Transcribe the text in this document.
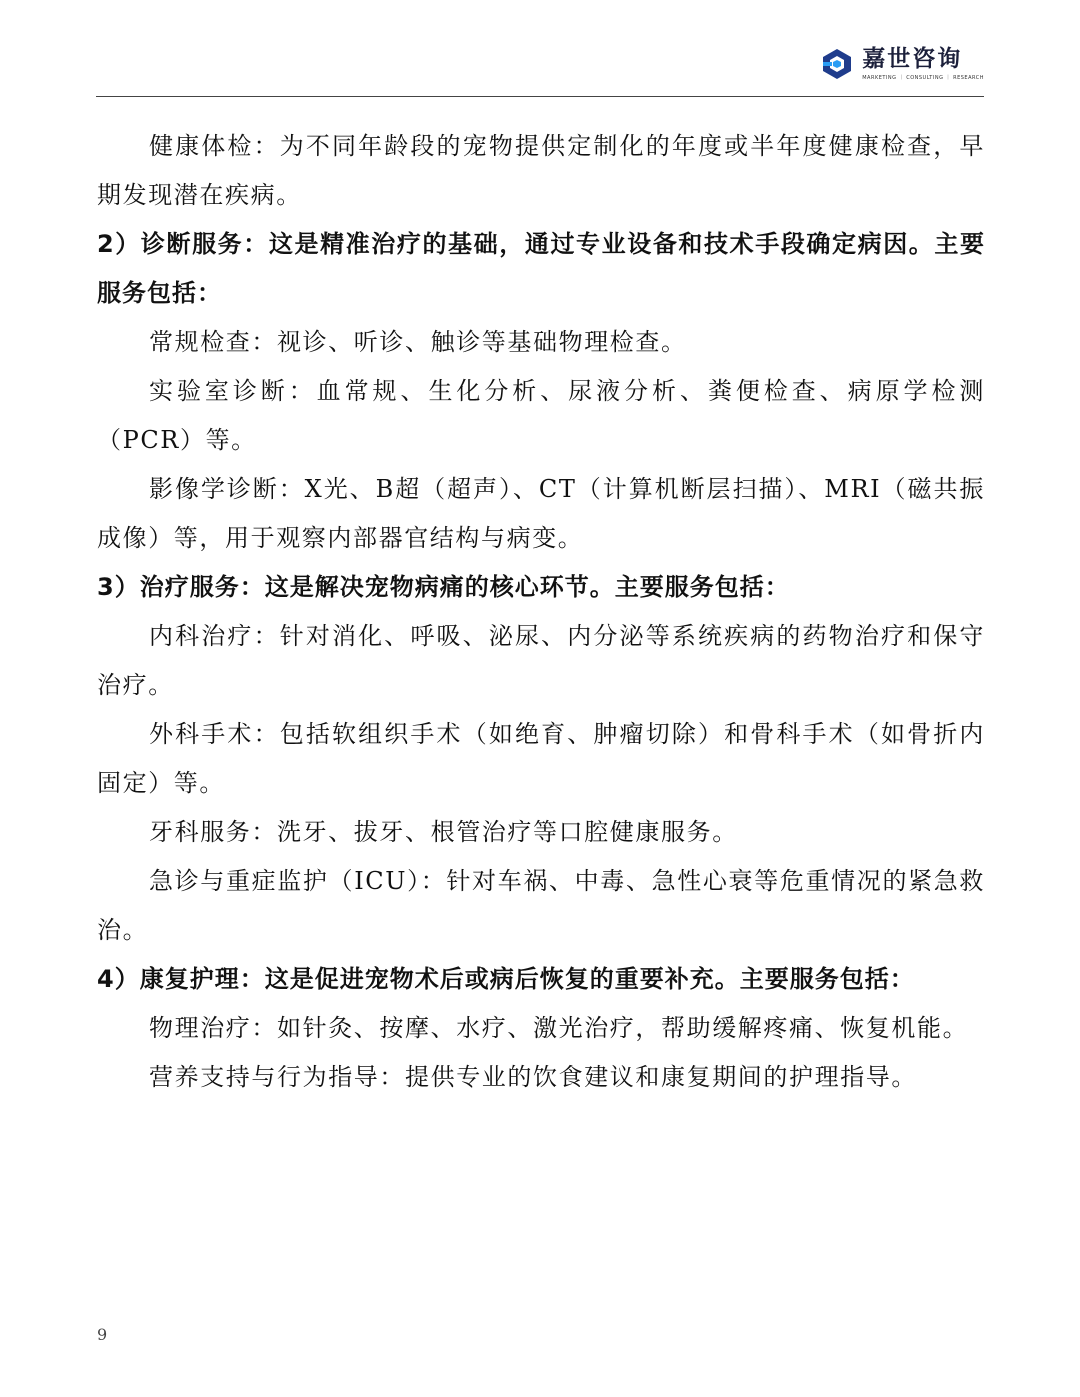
嘉世咨询
MARKETING ｜ CONSULTING ｜ RESEARCH

健康体检：为不同年龄段的宠物提供定制化的年度或半年度健康检查，早期发现潜在疾病。

2）诊断服务：这是精准治疗的基础，通过专业设备和技术手段确定病因。主要服务包括：

常规检查：视诊、听诊、触诊等基础物理检查。

实验室诊断：血常规、生化分析、尿液分析、粪便检查、病原学检测（PCR）等。

影像学诊断：X光、B超（超声）、CT（计算机断层扫描）、MRI（磁共振成像）等，用于观察内部器官结构与病变。

3）治疗服务：这是解决宠物病痛的核心环节。主要服务包括：

内科治疗：针对消化、呼吸、泌尿、内分泌等系统疾病的药物治疗和保守治疗。

外科手术：包括软组织手术（如绝育、肿瘤切除）和骨科手术（如骨折内固定）等。

牙科服务：洗牙、拔牙、根管治疗等口腔健康服务。

急诊与重症监护（ICU）：针对车祸、中毒、急性心衰等危重情况的紧急救治。

4）康复护理：这是促进宠物术后或病后恢复的重要补充。主要服务包括：

物理治疗：如针灸、按摩、水疗、激光治疗，帮助缓解疼痛、恢复机能。

营养支持与行为指导：提供专业的饮食建议和康复期间的护理指导。

9
